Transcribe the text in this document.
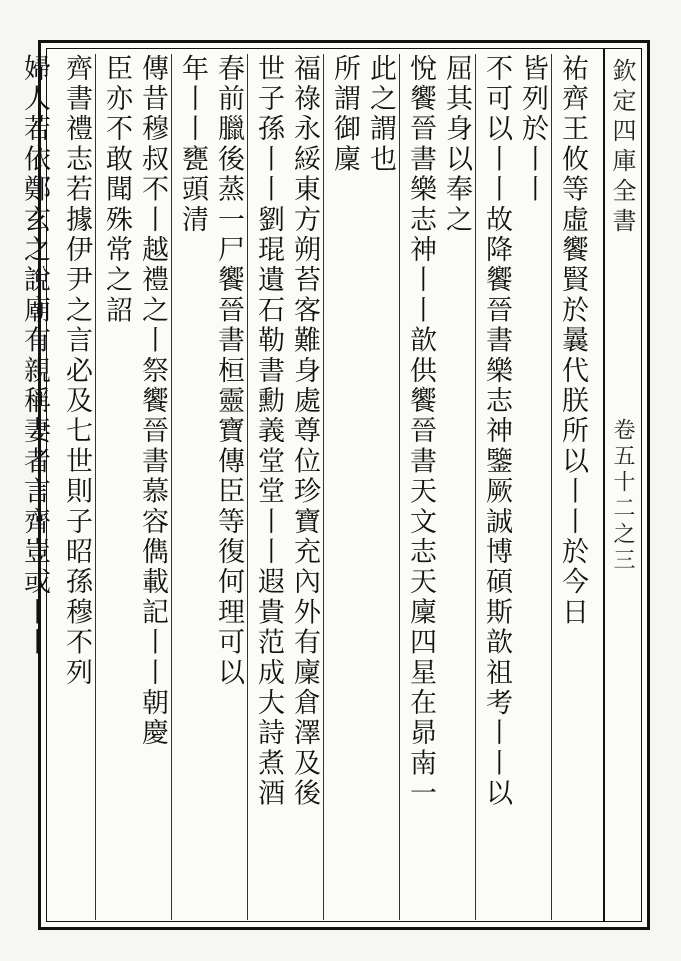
欽定四庫全書
卷五十二之三
祐齊王攸等虛饗賢於曩代朕所以丨丨於今日
皆列於丨丨
不可以丨丨故降饗晉書樂志神鑒厥誠博碩斯歆祖考丨丨以
屈其身以奉之
悅饗晉書樂志神丨丨歆供饗晉書天文志天廩四星在昴南一
此之謂也
所謂御廩
福祿永綏東方朔苔客難身處尊位珍寶充內外有廩倉澤及後
世子孫丨丨劉琨遺石勒書勳義堂堂丨丨遐貴范成大詩煮酒
春前臘後蒸一尸饗晉書桓靈寶傳臣等復何理可以
年丨丨甕頭清
傳昔穆叔不丨越禮之丨祭饗晉書慕容儁載記丨丨朝慶
臣亦不敢聞殊常之詔
齊書禮志若據伊尹之言必及七世則子昭孫穆不列
婦人若依鄭玄之說廟有親稱妻者言齊豈或丨丨
